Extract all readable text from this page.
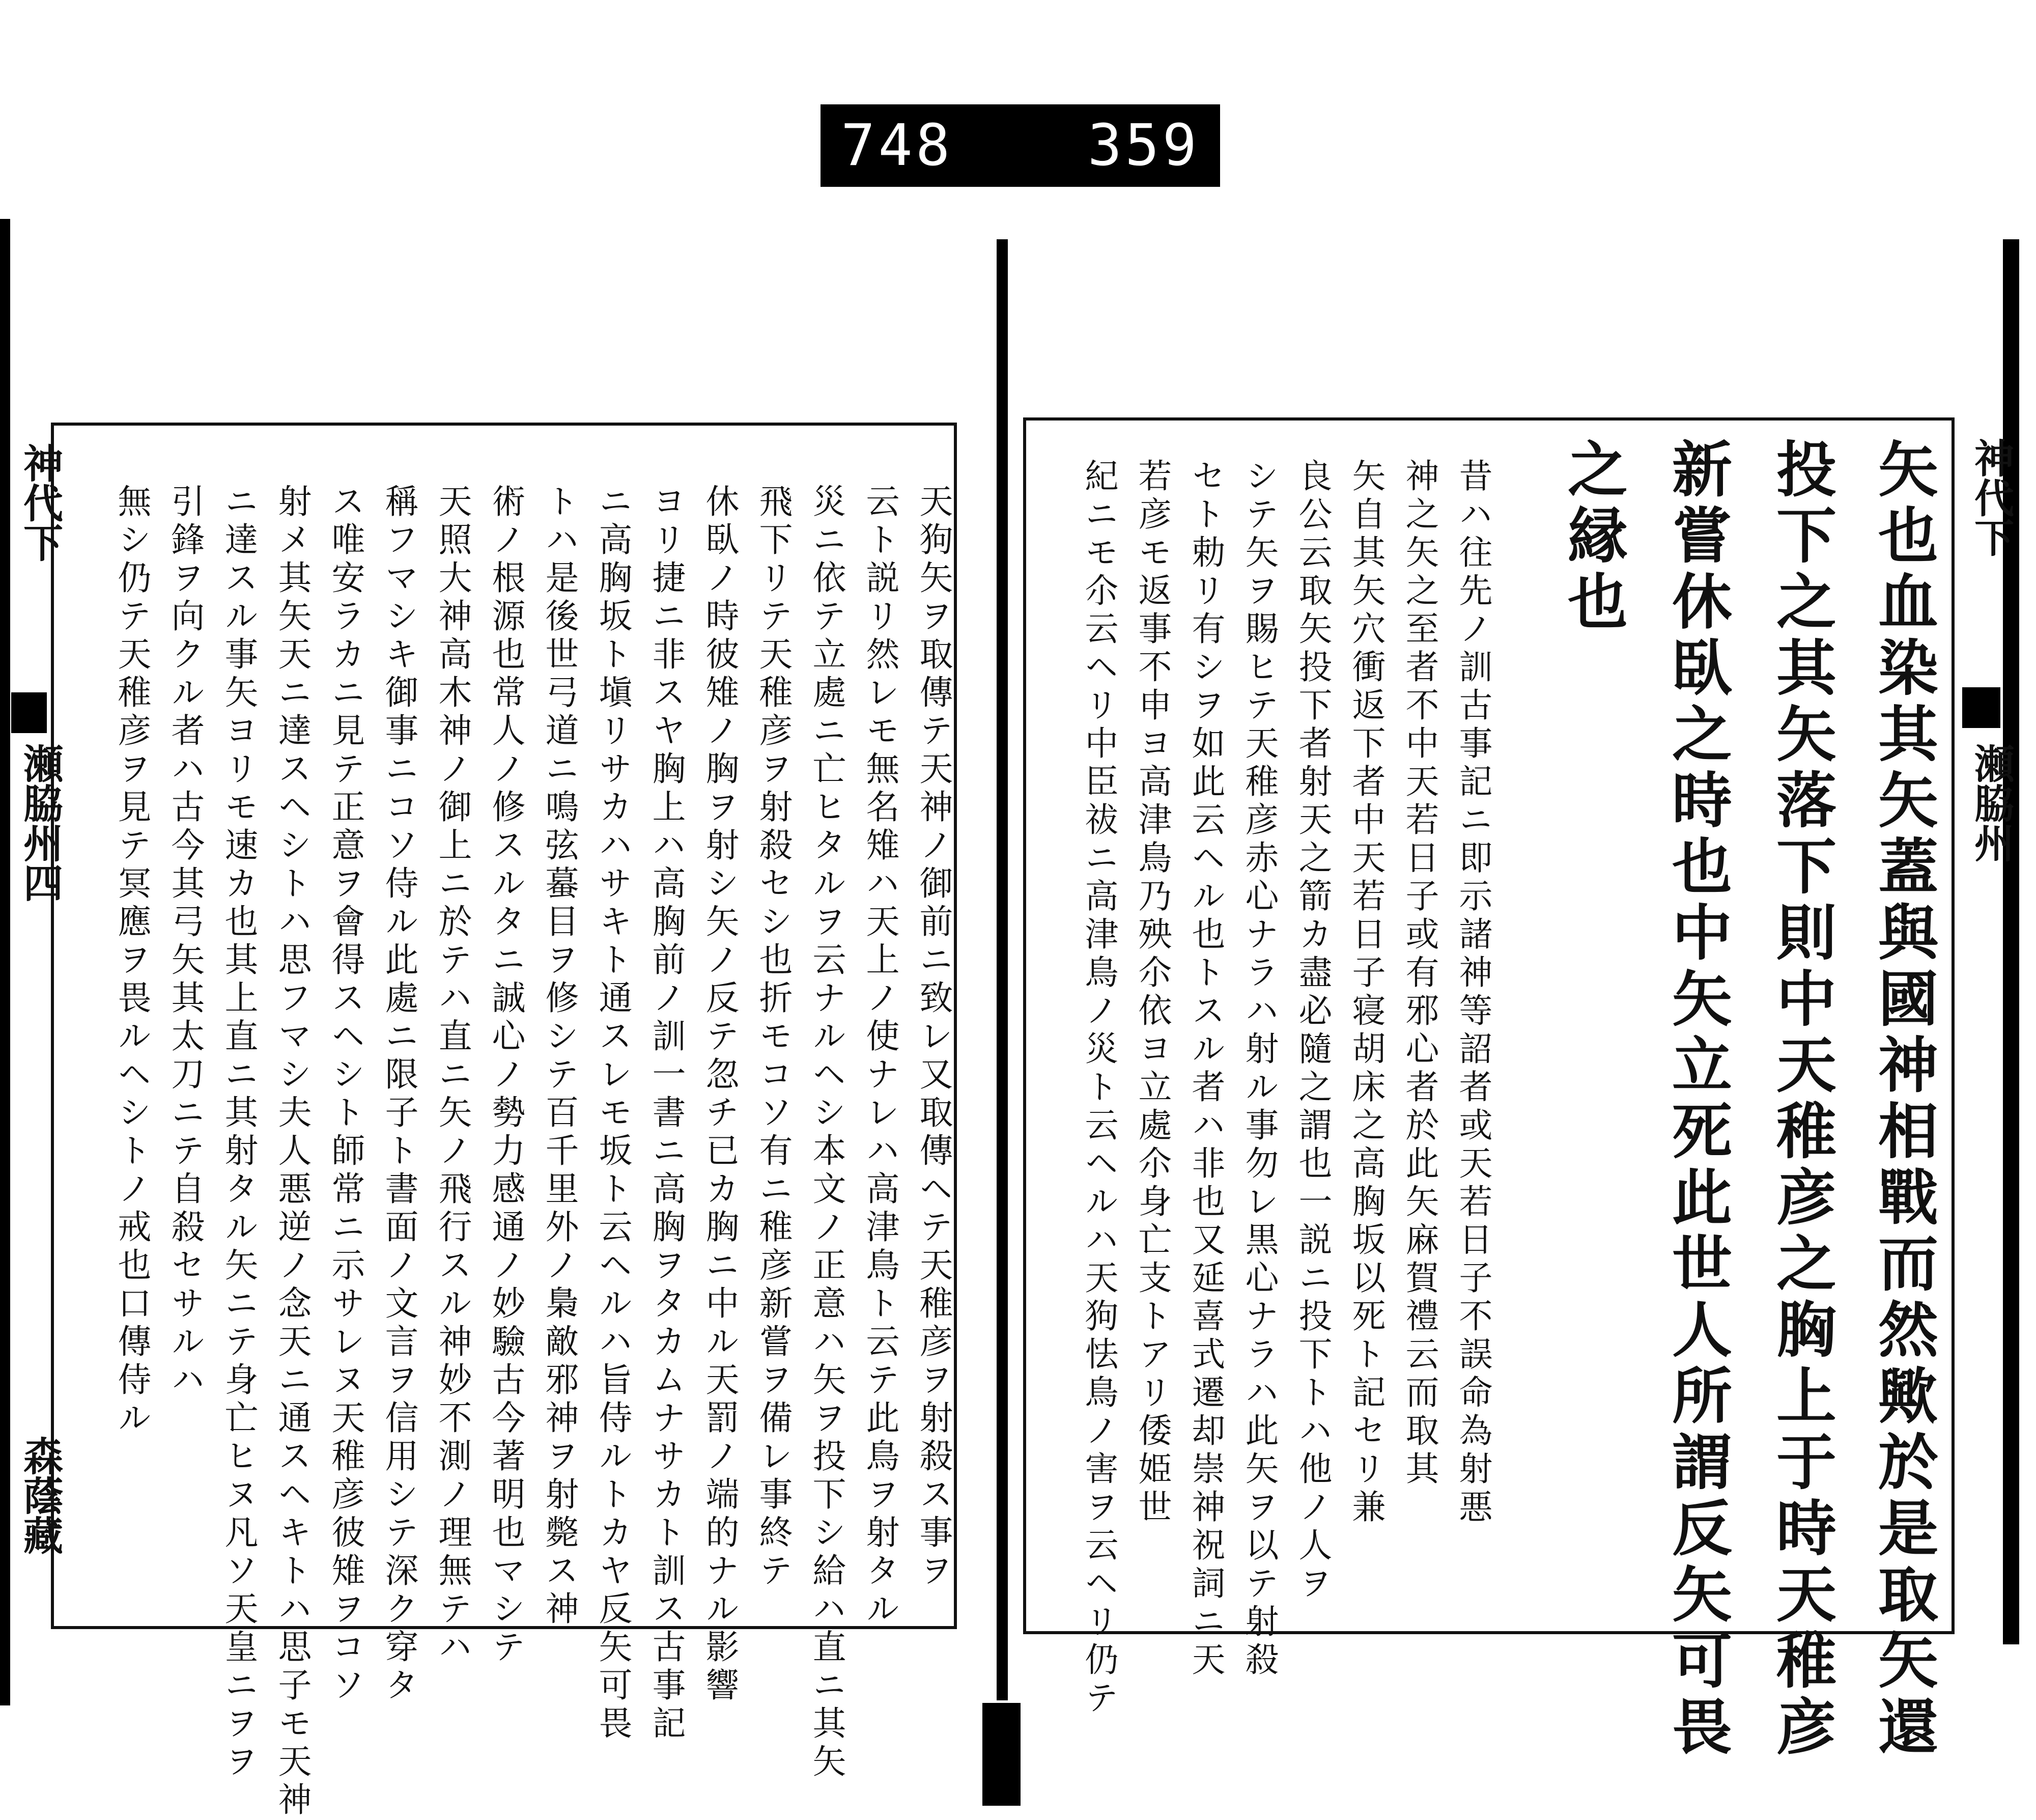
748 359
矢也血染其矢蓋與國神相戰而然歟於是取矢還
投下之其矢落下則中天稚彦之胸上于時天稚彦
新嘗休臥之時也中矢立死此世人所謂反矢可畏
之縁也
昔ハ往先ノ訓古事記ニ即示諸神等詔者或天若日子不誤命為射悪
神之矢之至者不中天若日子或有邪心者於此矢麻賀禮云而取其
矢自其矢穴衝返下者中天若日子寝胡床之高胸坂以死ト記セリ兼
良公云取矢投下者射天之箭カ盡必隨之謂也一説ニ投下トハ他ノ人ヲ
シテ矢ヲ賜ヒテ天稚彦赤心ナラハ射ル事勿レ黒心ナラハ此矢ヲ以テ射殺
セト勅リ有シヲ如此云ヘル也トスル者ハ非也又延喜式遷却崇神祝詞ニ天
若彦モ返事不申ヨ高津鳥乃殃尒依ヨ立處尒身亡支トアリ倭姫世
紀ニモ尒云ヘリ中臣祓ニ高津鳥ノ災ト云ヘルハ天狗怯鳥ノ害ヲ云ヘリ仍テ	神代下
瀬脇州
天狗矢ヲ取傳テ天神ノ御前ニ致レ又取傳ヘテ天稚彦ヲ射殺ス事ヲ
云ト説リ然レモ無名雉ハ天上ノ使ナレハ高津鳥ト云テ此鳥ヲ射タル
災ニ依テ立處ニ亡ヒタルヲ云ナルヘシ本文ノ正意ハ矢ヲ投下シ給ハ直ニ其矢
飛下リテ天稚彦ヲ射殺セシ也折モコソ有ニ稚彦新嘗ヲ備レ事終テ
休臥ノ時彼雉ノ胸ヲ射シ矢ノ反テ忽チ已カ胸ニ中ル天罰ノ端的ナル影響
ヨリ捷ニ非スヤ胸上ハ高胸前ノ訓一書ニ高胸ヲタカムナサカト訓ス古事記
ニ高胸坂ト塡リサカハサキト通スレモ坂ト云ヘルハ旨侍ルトカヤ反矢可畏
トハ是後世弓道ニ鳴弦蟇目ヲ修シテ百千里外ノ梟敵邪神ヲ射斃ス神
術ノ根源也常人ノ修スルタニ誠心ノ勢力感通ノ妙驗古今著明也マシテ
天照大神高木神ノ御上ニ於テハ直ニ矢ノ飛行スル神妙不測ノ理無テハ
稱フマシキ御事ニコソ侍ル此處ニ限子ト書面ノ文言ヲ信用シテ深ク穿タ
ス唯安ラカニ見テ正意ヲ會得スヘシト師常ニ示サレヌ天稚彦彼雉ヲコソ
射メ其矢天ニ達スヘシトハ思フマシ夫人悪逆ノ念天ニ通スヘキトハ思子モ天神
ニ達スル事矢ヨリモ速カ也其上直ニ其射タル矢ニテ身亡ヒヌ凡ソ天皇ニヲヲ
引鋒ヲ向クル者ハ古今其弓矢其太刀ニテ自殺セサルハ
無シ仍テ天稚彦ヲ見テ冥應ヲ畏ルヘシトノ戒也口傳侍ル
神代下
瀬脇州四
森蔭藏
